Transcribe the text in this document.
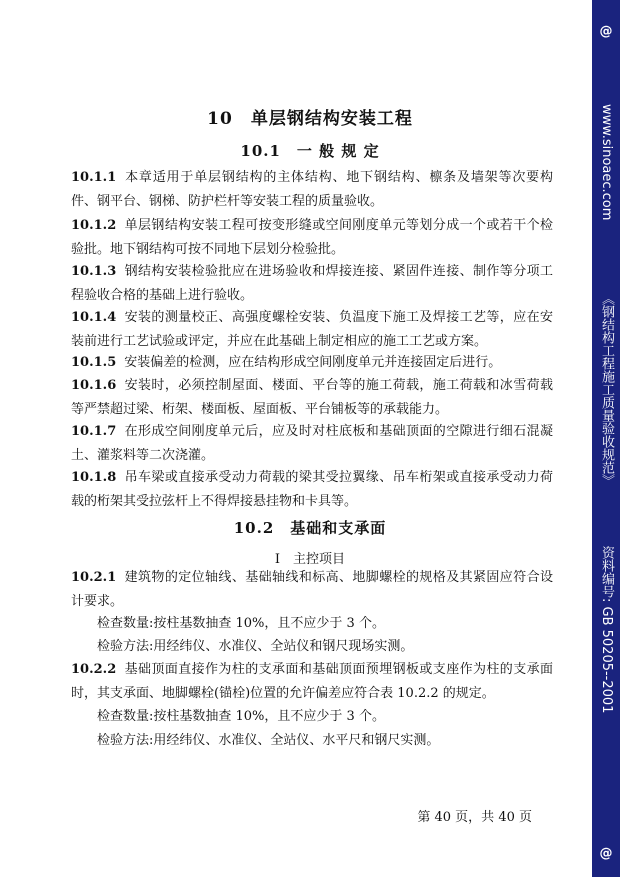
10　单层钢结构安装工程
10.1　一 般 规 定

10.1.1 本章适用于单层钢结构的主体结构、地下钢结构、檩条及墙架等次要构件、钢平台、钢梯、防护栏杆等安装工程的质量验收。

10.1.2 单层钢结构安装工程可按变形缝或空间刚度单元等划分成一个或若干个检验批。地下钢结构可按不同地下层划分检验批。

10.1.3 钢结构安装检验批应在进场验收和焊接连接、紧固件连接、制作等分项工程验收合格的基础上进行验收。

10.1.4 安装的测量校正、高强度螺栓安装、负温度下施工及焊接工艺等，应在安装前进行工艺试验或评定，并应在此基础上制定相应的施工工艺或方案。

10.1.5 安装偏差的检测，应在结构形成空间刚度单元并连接固定后进行。

10.1.6 安装时，必须控制屋面、楼面、平台等的施工荷载，施工荷载和冰雪荷载等严禁超过梁、桁架、楼面板、屋面板、平台铺板等的承载能力。

10.1.7 在形成空间刚度单元后，应及时对柱底板和基础顶面的空隙进行细石混凝土、灌浆料等二次浇灌。

10.1.8 吊车梁或直接承受动力荷载的梁其受拉翼缘、吊车桁架或直接承受动力荷载的桁架其受拉弦杆上不得焊接悬挂物和卡具等。

10.2　基础和支承面
Ⅰ　主控项目

10.2.1 建筑物的定位轴线、基础轴线和标高、地脚螺栓的规格及其紧固应符合设计要求。

检查数量:按柱基数抽查 10%，且不应少于 3 个。

检验方法:用经纬仪、水准仪、全站仪和钢尺现场实测。

10.2.2 基础顶面直接作为柱的支承面和基础顶面预埋钢板或支座作为柱的支承面时，其支承面、地脚螺栓(锚栓)位置的允许偏差应符合表 10.2.2 的规定。

检查数量:按柱基数抽查 10%，且不应少于 3 个。

检验方法:用经纬仪、水准仪、全站仪、水平尺和钢尺实测。

第 40 页，共 40 页
@
www.sinoaec.com
《钢结构工程施工质量验收规范》
资料编号: GB 50205--2001
@
